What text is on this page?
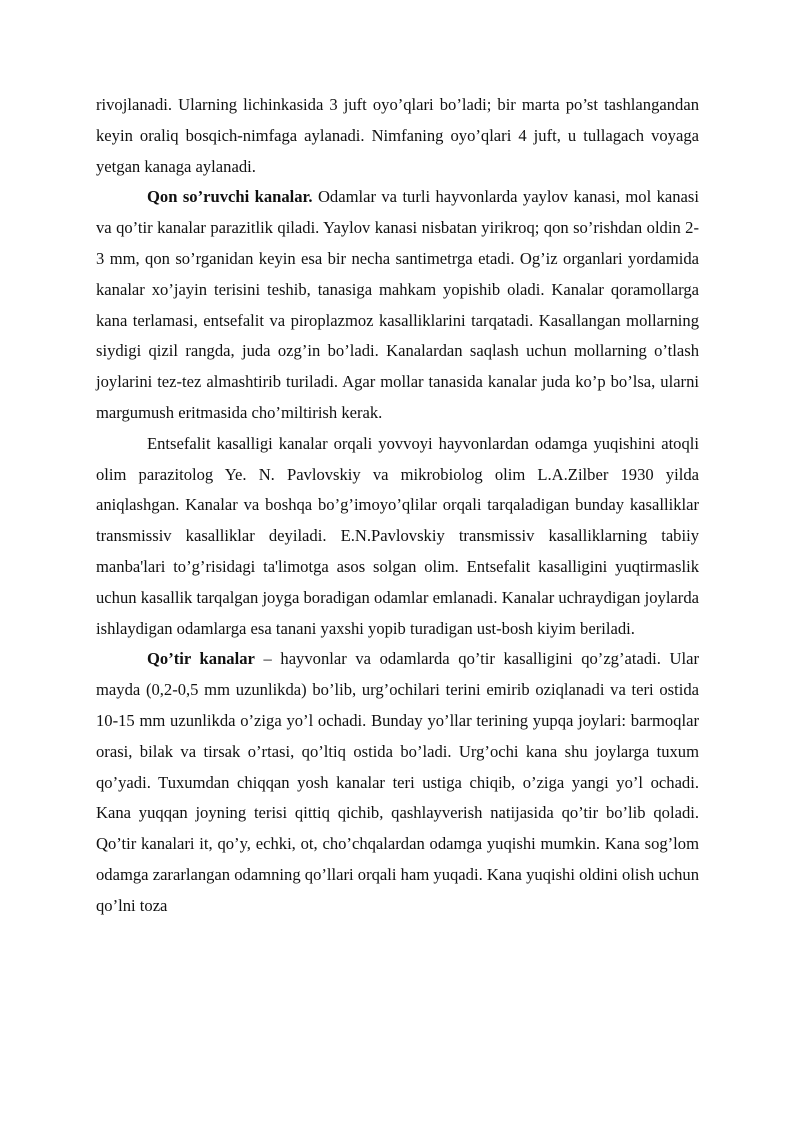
rivojlanadi. Ularning lichinkasida 3 juft oyo’qlari bo’ladi; bir marta po’st tashlangandan keyin oraliq bosqich-nimfaga aylanadi. Nimfaning oyo’qlari 4 juft, u tullagach voyaga yetgan kanaga aylanadi.

Qon so’ruvchi kanalar. Odamlar va turli hayvonlarda yaylov kanasi, mol kanasi va qo’tir kanalar parazitlik qiladi. Yaylov kanasi nisbatan yirikroq; qon so’rishdan oldin 2-3 mm, qon so’rganidan keyin esa bir necha santimetrga etadi. Og’iz organlari yordamida kanalar xo’jayin terisini teshib, tanasiga mahkam yopishib oladi. Kanalar qoramollarga kana terlamasi, entsefalit va piroplazmoz kasalliklarini tarqatadi. Kasallangan mollarning siydigi qizil rangda, juda ozg’in bo’ladi. Kanalardan saqlash uchun mollarning o’tlash joylarini tez-tez almashtirib turiladi. Agar mollar tanasida kanalar juda ko’p bo’lsa, ularni margumush eritmasida cho’miltirish kerak.

Entsefalit kasalligi kanalar orqali yovvoyi hayvonlardan odamga yuqishini atoqli olim parazitolog Ye. N. Pavlovskiy va mikrobiolog olim L.A.Zilber 1930 yilda aniqlashgan. Kanalar va boshqa bo’g’imoyo’qlilar orqali tarqaladigan bunday kasalliklar transmissiv kasalliklar deyiladi. E.N.Pavlovskiy transmissiv kasalliklarning tabiiy manba'lari to’g’risidagi ta'limotga asos solgan olim. Entsefalit kasalligini yuqtirmaslik uchun kasallik tarqalgan joyga boradigan odamlar emlanadi. Kanalar uchraydigan joylarda ishlaydigan odamlarga esa tanani yaxshi yopib turadigan ust-bosh kiyim beriladi.

Qo’tir kanalar – hayvonlar va odamlarda qo’tir kasalligini qo’zg’atadi. Ular mayda (0,2-0,5 mm uzunlikda) bo’lib, urg’ochilari terini emirib oziqlanadi va teri ostida 10-15 mm uzunlikda o’ziga yo’l ochadi. Bunday yo’llar terining yupqa joylari: barmoqlar orasi, bilak va tirsak o’rtasi, qo’ltiq ostida bo’ladi. Urg’ochi kana shu joylarga tuxum qo’yadi. Tuxumdan chiqqan yosh kanalar teri ustiga chiqib, o’ziga yangi yo’l ochadi. Kana yuqqan joyning terisi qittiq qichib, qashlayverish natijasida qo’tir bo’lib qoladi. Qo’tir kanalari it, qo’y, echki, ot, cho’chqalardan odamga yuqishi mumkin. Kana sog’lom odamga zararlangan odamning qo’llari orqali ham yuqadi. Kana yuqishi oldini olish uchun qo’lni toza
